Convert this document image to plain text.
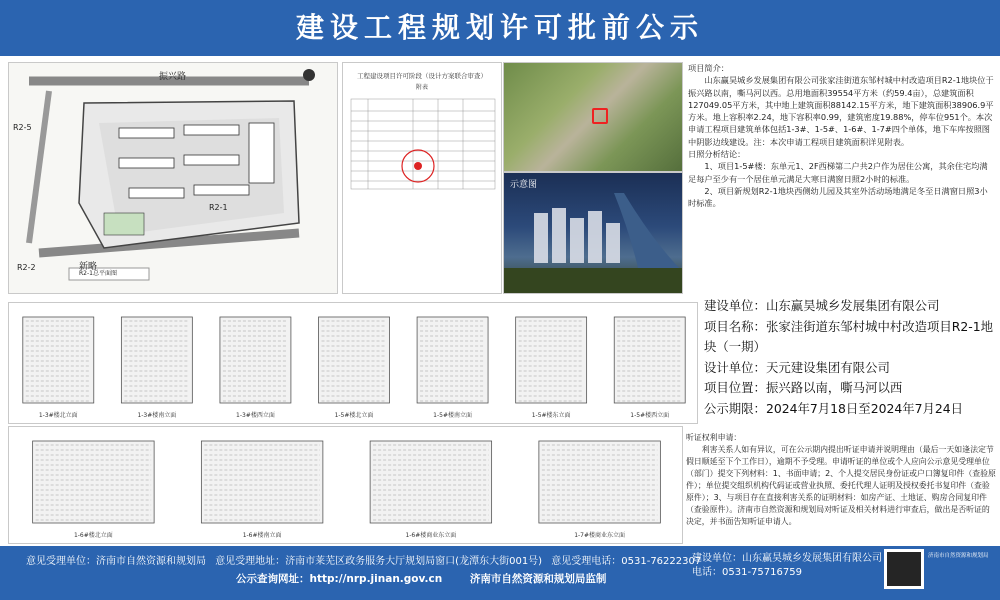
建设工程规划许可批前公示
振兴路
新略
R2-5
R2-2
R2-1
R2-1总平面图
工程建设项目许可阶段（设计方案联合审查）
附表
示意图
项目简介：

山东赢昊城乡发展集团有限公司张家洼街道东邹村城中村改造项目R2-1地块位于振兴路以南，嘶马河以西。总用地面积39554平方米（约59.4亩），总建筑面积127049.05平方米，其中地上建筑面积88142.15平方米，地下建筑面积38906.9平方米。地上容积率2.24，地下容积率0.99，建筑密度19.88%，停车位951个。本次申请工程项目建筑单体包括1-3#、1-5#、1-6#、1-7#四个单体，地下车库按照图中阴影边线建设。注：本次申请工程项目建筑面积详见附表。

日照分析结论：

1、项目1-5#楼：东单元1、2F西梯第二户共2户作为居住公寓，其余住宅均满足每户至少有一个居住单元满足大寒日满窗日照2小时的标准。

2、项目新规划R2-1地块西侧幼儿园及其室外活动场地满足冬至日满窗日照3小时标准。

建设单位：山东赢昊城乡发展集团有限公司
项目名称：张家洼街道东邹村城中村改造项目R2-1地块（一期）
设计单位：天元建设集团有限公司
项目位置：振兴路以南，嘶马河以西
公示期限：2024年7月18日至2024年7月24日
1-3#楼北立面	1-3#楼南立面	1-3#楼西立面	1-5#楼北立面	1-5#楼南立面	1-5#楼东立面	1-5#楼西立面
1-6#楼北立面	1-6#楼南立面	1-6#楼商业东立面	1-7#楼商业东立面
听证权利申请：

利害关系人如有异议，可在公示期内提出听证申请并说明理由（最后一天如逢法定节假日顺延至下个工作日），逾期不予受理。申请听证的单位或个人应向公示意见受理单位（部门）提交下列材料：1、书面申请；2、个人提交居民身份证或户口簿复印件（查验原件）；单位提交组织机构代码证或营业执照、委托代理人证明及授权委托书复印件（查验原件）；3、与项目存在直接利害关系的证明材料：如房产证、土地证、购房合同复印件（查验原件）。济南市自然资源和规划局对听证及相关材料进行审查后，做出是否听证的决定，并书面告知听证申请人。

意见受理单位：济南市自然资源和规划局 意见受理地址：济南市莱芜区政务服务大厅规划局窗口(龙潭东大街001号) 意见受理电话：0531-76222307
公示查询网址：http://nrp.jinan.gov.cn	济南市自然资源和规划局监制
建设单位：山东赢昊城乡发展集团有限公司
电话：0531-75716759
济南市自然资源和规划局
